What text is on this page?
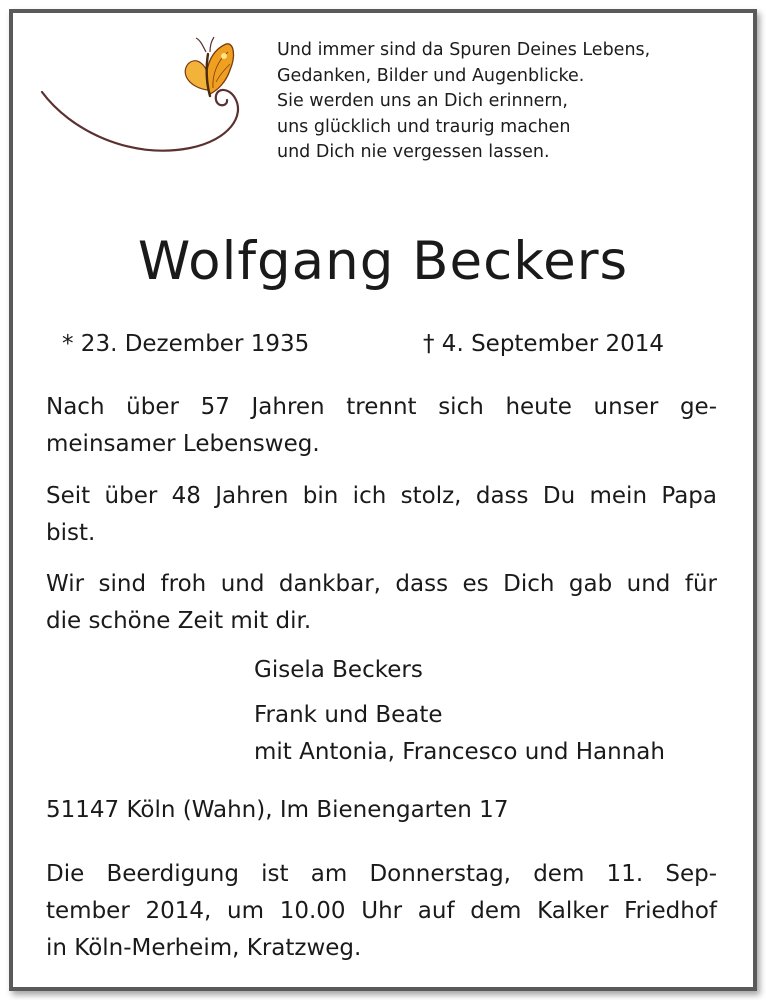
Und immer sind da Spuren Deines Lebens,
Gedanken, Bilder und Augenblicke.
Sie werden uns an Dich erinnern,
uns glücklich und traurig machen
und Dich nie vergessen lassen.
Wolfgang Beckers
* 23. Dezember 1935	† 4. September 2014
Nach über 57 Jahren trennt sich heute unser ge-
meinsamer Lebensweg.
Seit über 48 Jahren bin ich stolz, dass Du mein Papa
bist.
Wir sind froh und dankbar, dass es Dich gab und für
die schöne Zeit mit dir.
Gisela Beckers
Frank und Beate
mit Antonia, Francesco und Hannah
51147 Köln (Wahn), Im Bienengarten 17
Die Beerdigung ist am Donnerstag, dem 11. Sep-
tember 2014, um 10.00 Uhr auf dem Kalker Friedhof
in Köln-Merheim, Kratzweg.
